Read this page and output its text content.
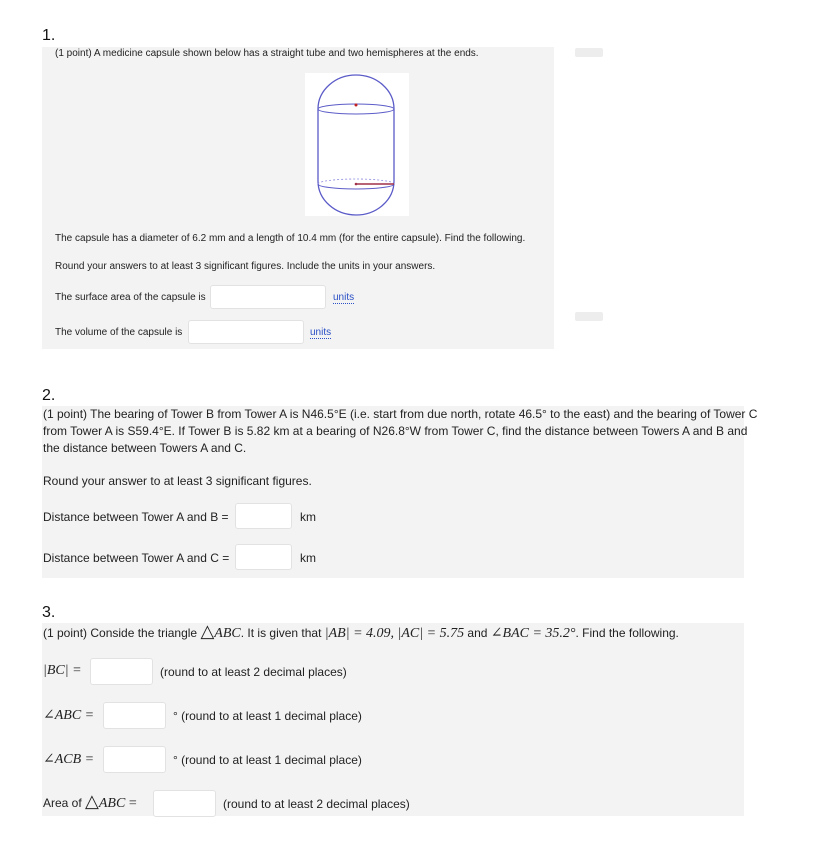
1.
(1 point) A medicine capsule shown below has a straight tube and two hemispheres at the ends.
The capsule has a diameter of 6.2 mm and a length of 10.4 mm (for the entire capsule). Find the following.
Round your answers to at least 3 significant figures. Include the units in your answers.
The surface area of the capsule is	units
The volume of the capsule is	units
2.
(1 point) The bearing of Tower B from Tower A is N46.5°E (i.e. start from due north, rotate 46.5° to the east) and the bearing of Tower C
from Tower A is S59.4°E. If Tower B is 5.82 km at a bearing of N26.8°W from Tower C, find the distance between Towers A and B and
the distance between Towers A and C.
Round your answer to at least 3 significant figures.
Distance between Tower A and B =	km
Distance between Tower A and C =	km
3.
(1 point) Conside the triangle △ABC. It is given that |AB| = 4.09, |AC| = 5.75 and ∠BAC = 35.2°. Find the following.
|BC| =	(round to at least 2 decimal places)
∠ABC =	° (round to at least 1 decimal place)
∠ACB =	° (round to at least 1 decimal place)
Area of △ABC =	(round to at least 2 decimal places)
